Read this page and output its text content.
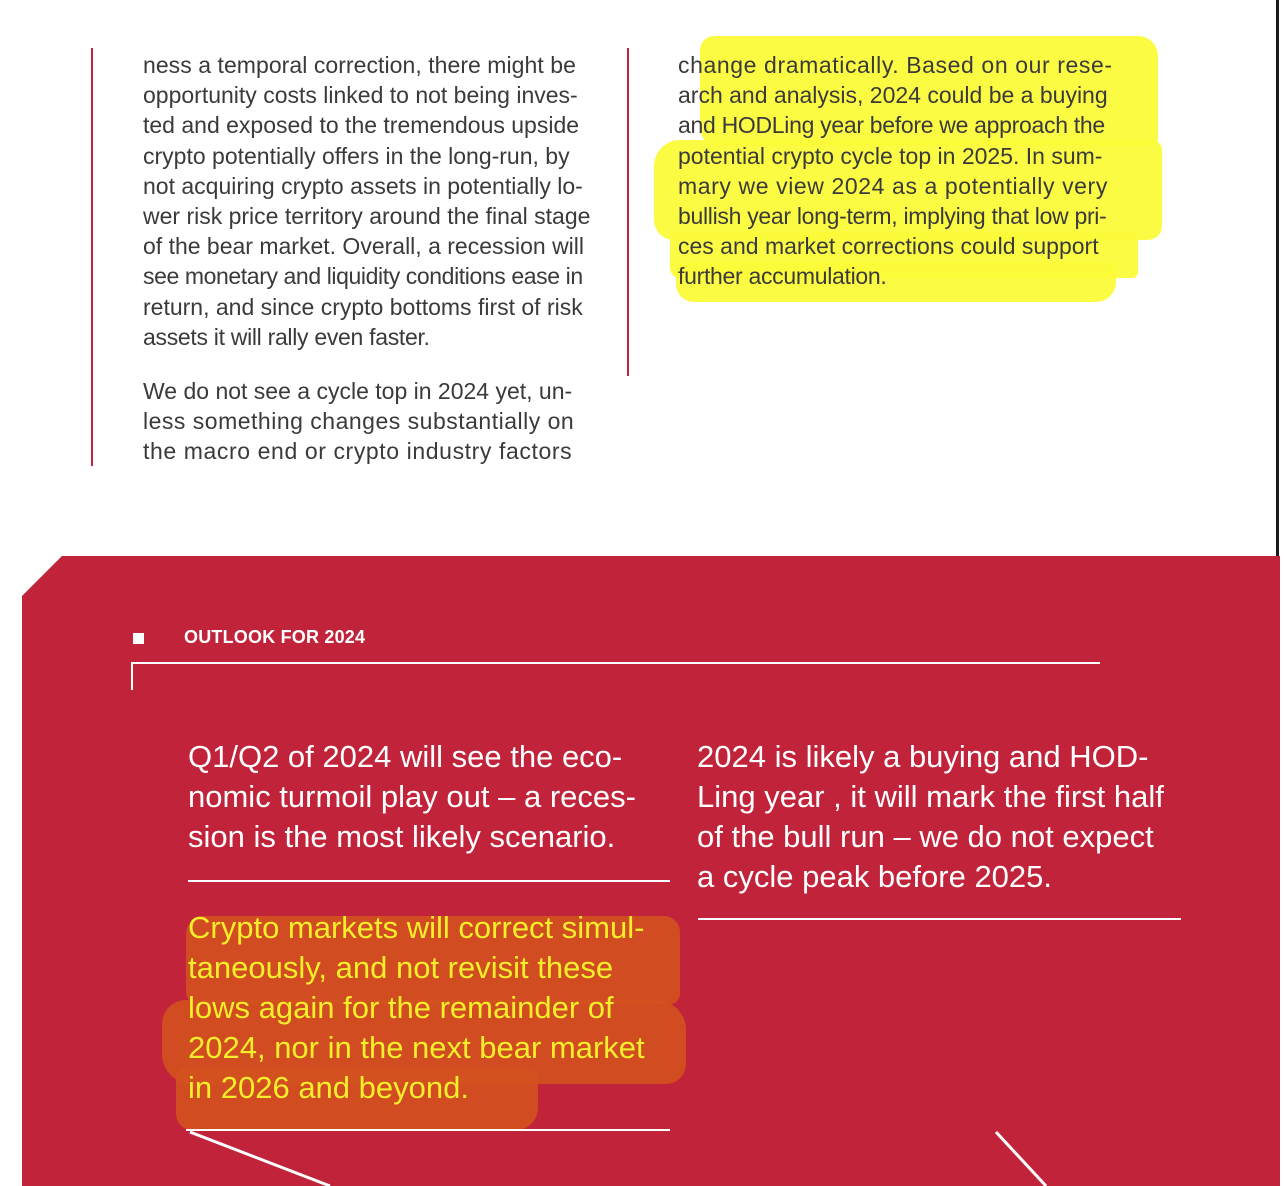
ness a temporal correction, there might be
opportunity costs linked to not being inves-
ted and exposed to the tremendous upside
crypto potentially offers in the long-run, by
not acquiring crypto assets in potentially lo-
wer risk price territory around the final stage
of the bear market. Overall, a recession will
see monetary and liquidity conditions ease in
return, and since crypto bottoms first of risk
assets it will rally even faster.
We do not see a cycle top in 2024 yet, un-
less something changes substantially on
the macro end or crypto industry factors
change dramatically. Based on our rese-
arch and analysis, 2024 could be a buying
and HODLing year before we approach the
potential crypto cycle top in 2025. In sum-
mary we view 2024 as a potentially very
bullish year long-term, implying that low pri-
ces and market corrections could support
further accumulation.
OUTLOOK FOR 2024
Q1/Q2 of 2024 will see the eco-
nomic turmoil play out – a reces-
sion is the most likely scenario.
Crypto markets will correct simul-
taneously, and not revisit these
lows again for the remainder of
2024, nor in the next bear market
in 2026 and beyond.
2024 is likely a buying and HOD-
Ling year , it will mark the first half
of the bull run – we do not expect
a cycle peak before 2025.
